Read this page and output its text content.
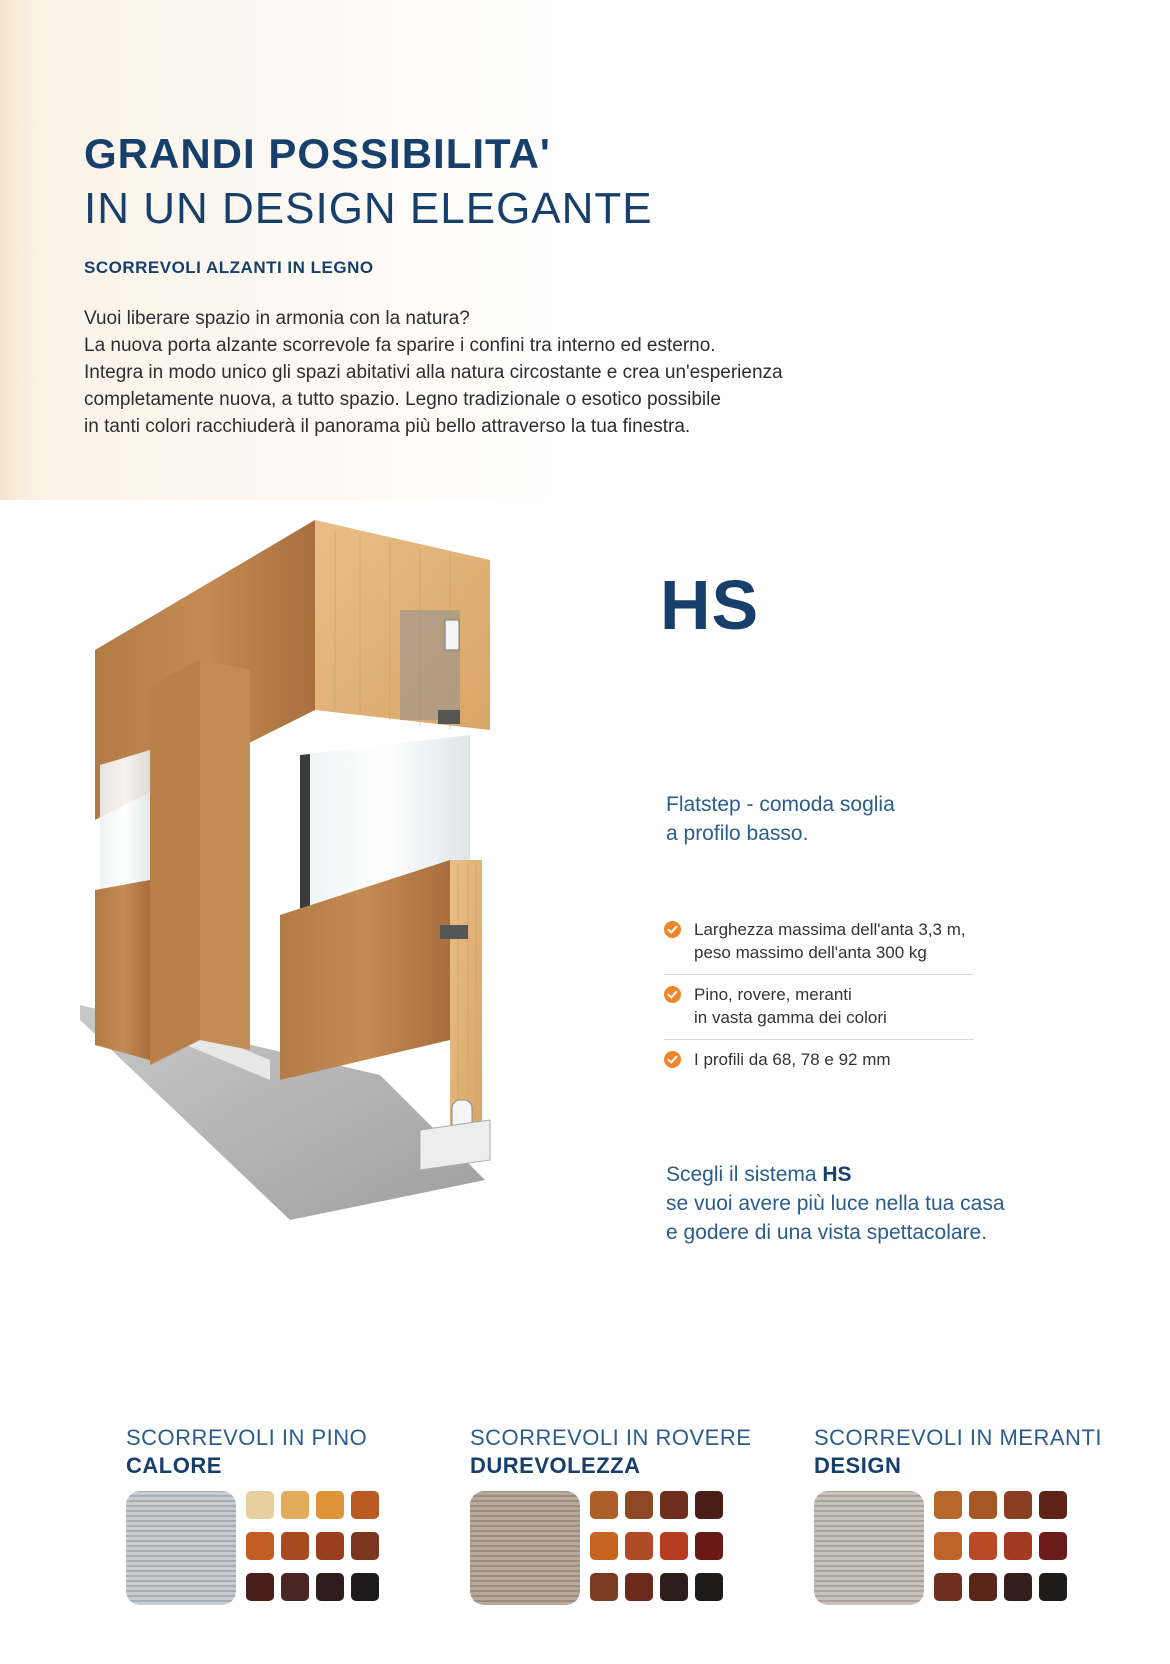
GRANDI POSSIBILITA'
IN UN DESIGN ELEGANTE
SCORREVOLI ALZANTI IN LEGNO
Vuoi liberare spazio in armonia con la natura?
La nuova porta alzante scorrevole fa sparire i confini tra interno ed esterno.
Integra in modo unico gli spazi abitativi alla natura circostante e crea un'esperienza
completamente nuova, a tutto spazio. Legno tradizionale o esotico possibile
in tanti colori racchiuderà il panorama più bello attraverso la tua finestra.
HS
Flatstep - comoda soglia
a profilo basso.
Larghezza massima dell'anta 3,3 m,
peso massimo dell'anta 300 kg
Pino, rovere, meranti
in vasta gamma dei colori
I profili da 68, 78 e 92 mm
Scegli il sistema HS
se vuoi avere più luce nella tua casa
e godere di una vista spettacolare.
SCORREVOLI IN PINO
CALORE
SCORREVOLI IN ROVERE
DUREVOLEZZA
SCORREVOLI IN MERANTI
DESIGN
